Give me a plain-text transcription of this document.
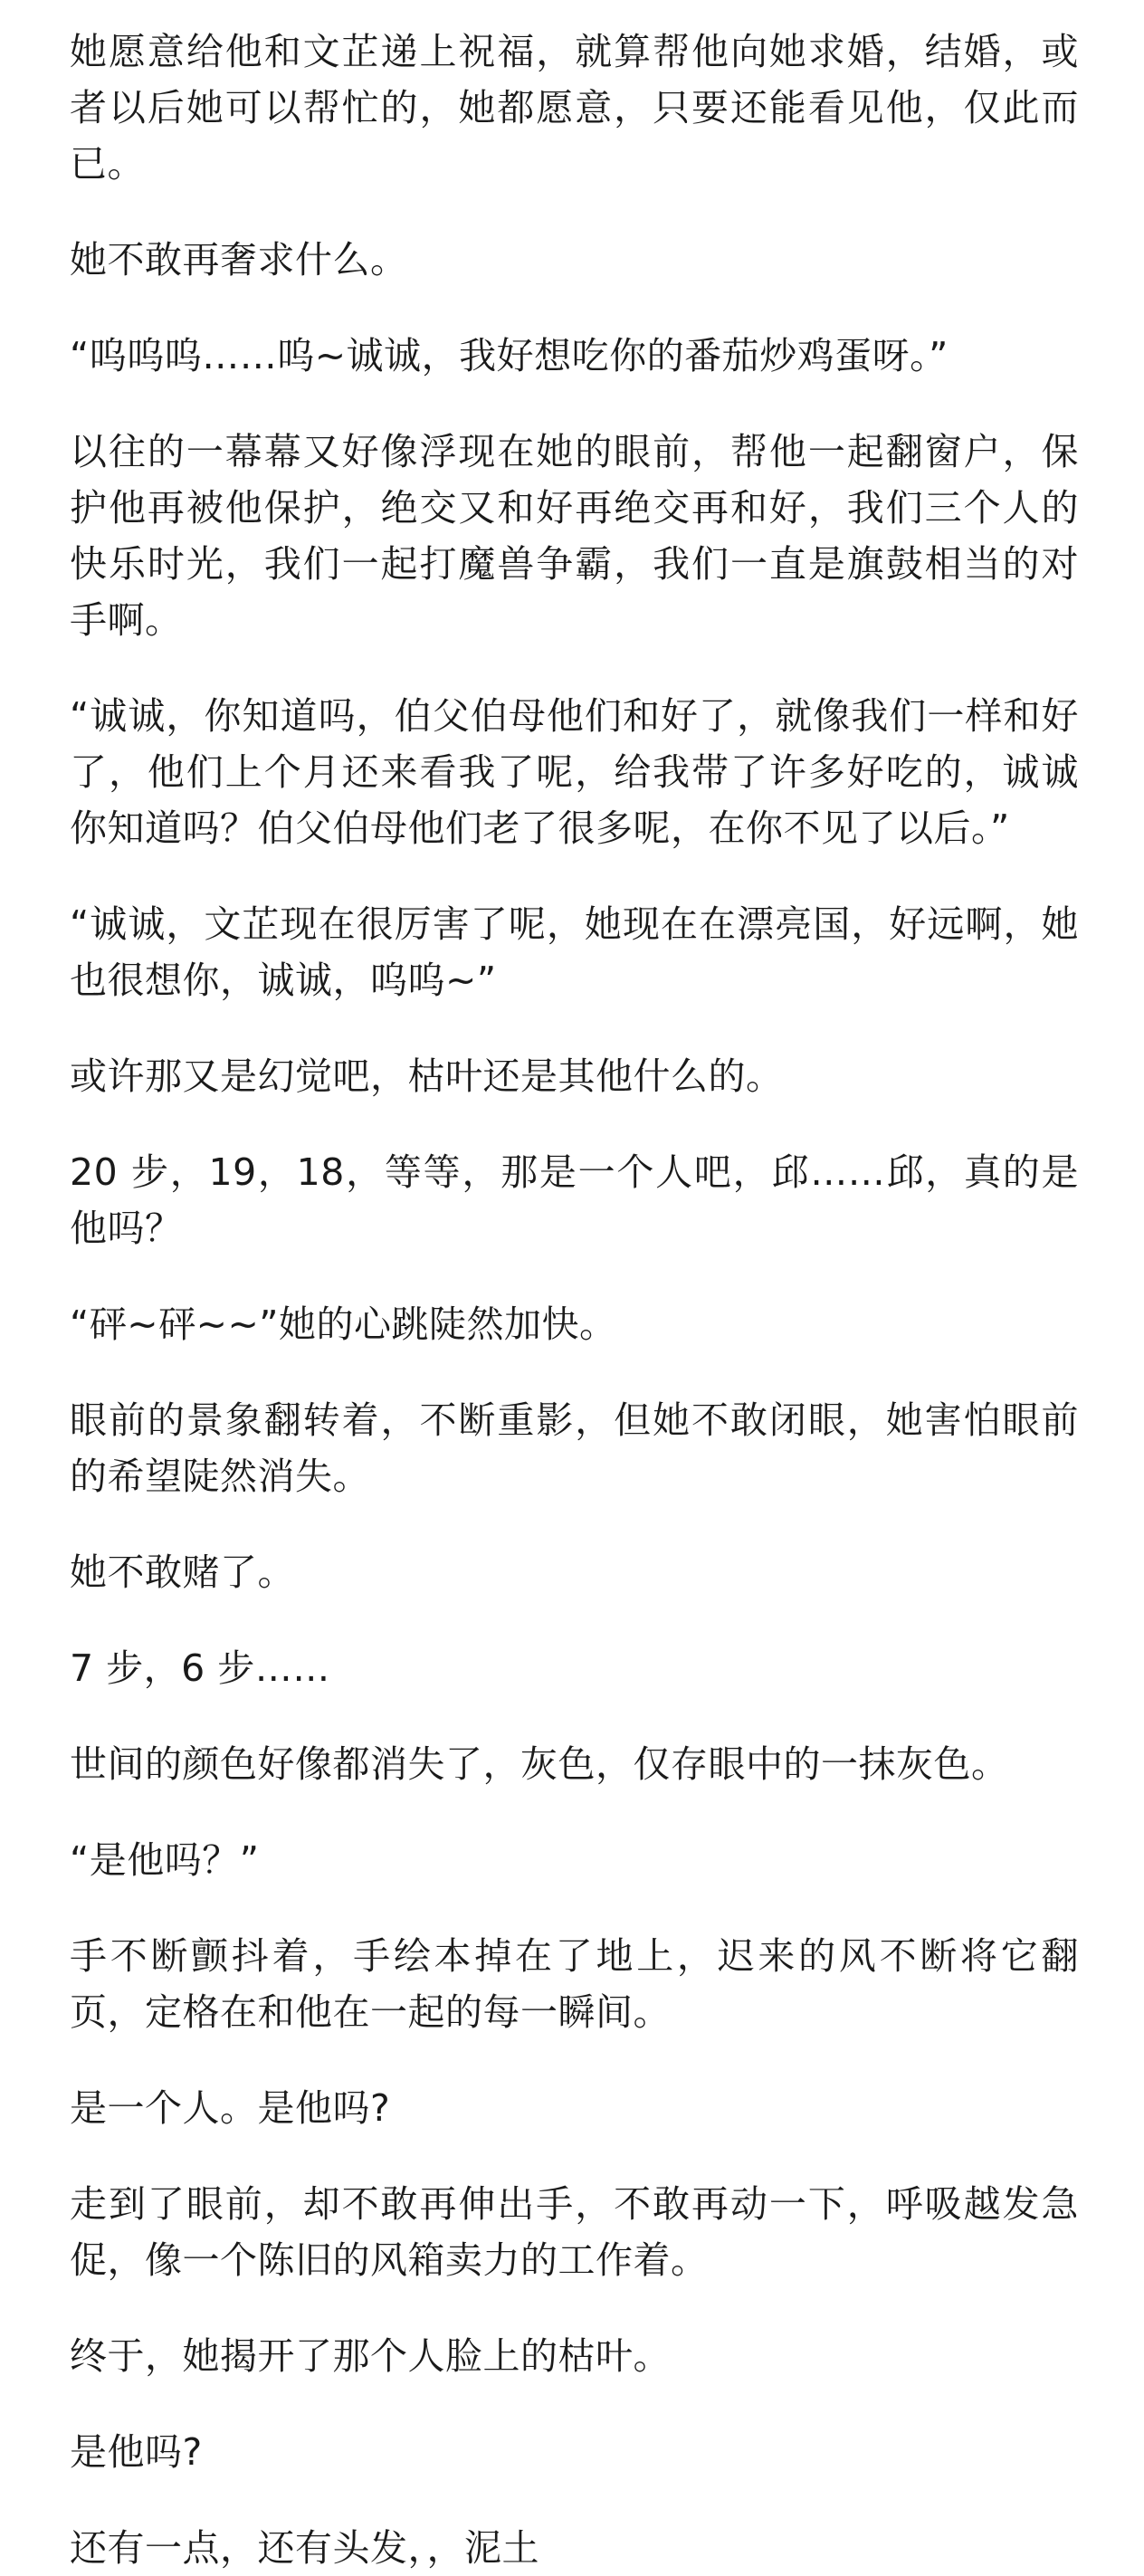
她愿意给他和文芷递上祝福，就算帮他向她求婚，结婚，或者以后她可以帮忙的，她都愿意，只要还能看见他，仅此而已。

她不敢再奢求什么。

“呜呜呜……呜~诚诚，我好想吃你的番茄炒鸡蛋呀。”

以往的一幕幕又好像浮现在她的眼前，帮他一起翻窗户，保护他再被他保护，绝交又和好再绝交再和好，我们三个人的快乐时光，我们一起打魔兽争霸，我们一直是旗鼓相当的对手啊。

“诚诚，你知道吗，伯父伯母他们和好了，就像我们一样和好了，他们上个月还来看我了呢，给我带了许多好吃的，诚诚你知道吗？伯父伯母他们老了很多呢，在你不见了以后。”

“诚诚，文芷现在很厉害了呢，她现在在漂亮国，好远啊，她也很想你，诚诚，呜呜~”

或许那又是幻觉吧，枯叶还是其他什么的。

20 步，19，18，等等，那是一个人吧，邱……邱，真的是他吗？

“砰~砰~~”她的心跳陡然加快。

眼前的景象翻转着，不断重影，但她不敢闭眼，她害怕眼前的希望陡然消失。

她不敢赌了。

7 步，6 步……

世间的颜色好像都消失了，灰色，仅存眼中的一抹灰色。

“是他吗？”

手不断颤抖着，手绘本掉在了地上，迟来的风不断将它翻页，定格在和他在一起的每一瞬间。

是一个人。是他吗?

走到了眼前，却不敢再伸出手，不敢再动一下，呼吸越发急促，像一个陈旧的风箱卖力的工作着。

终于，她揭开了那个人脸上的枯叶。

是他吗?

还有一点，还有头发，，泥土
